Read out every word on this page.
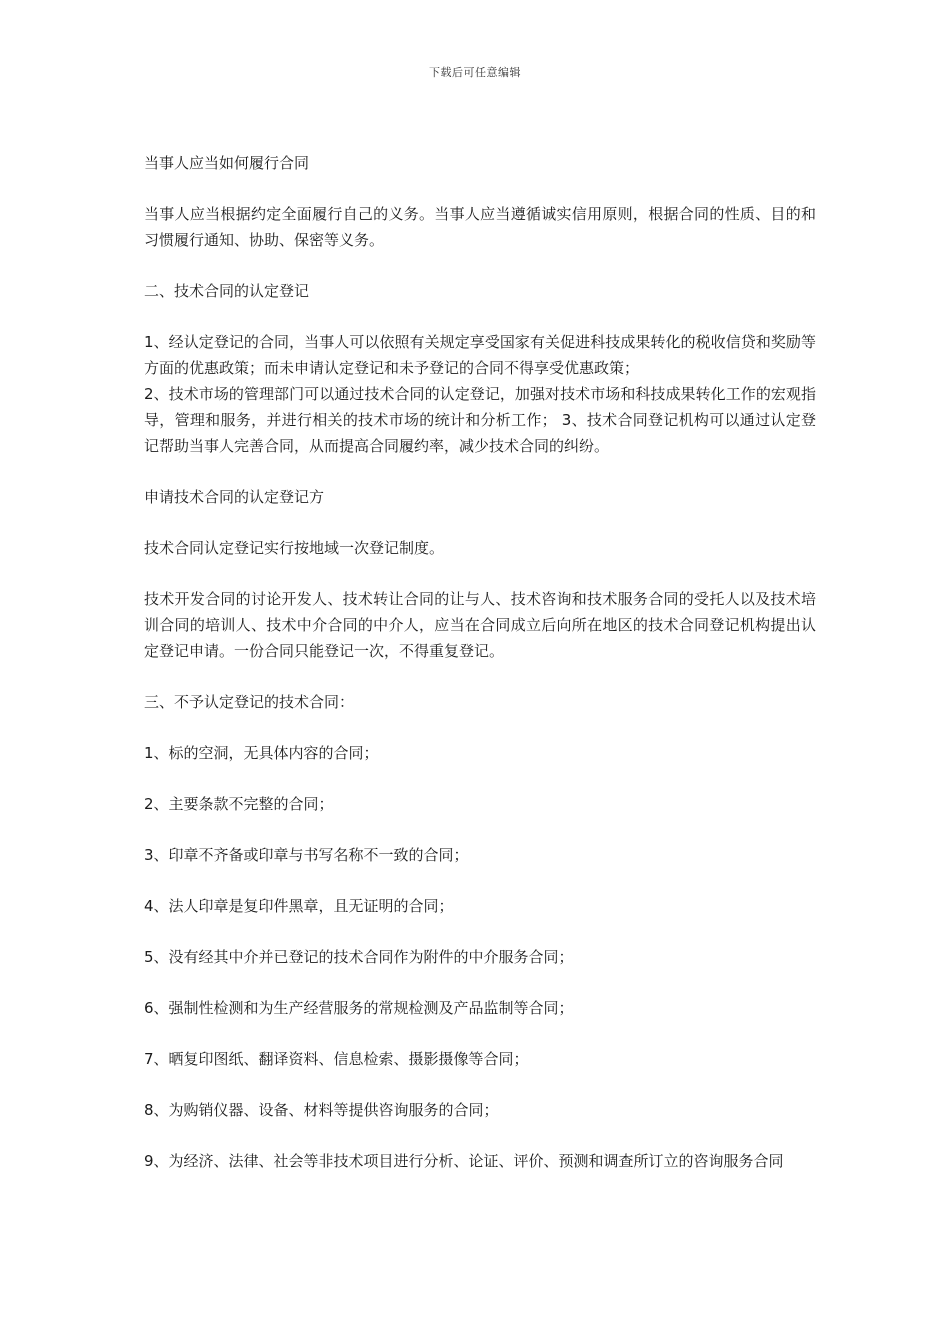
下载后可任意编辑

当事人应当如何履行合同

当事人应当根据约定全面履行自己的义务。当事人应当遵循诚实信用原则，根据合同的性质、目的和习惯履行通知、协助、保密等义务。

二、技术合同的认定登记

1、经认定登记的合同，当事人可以依照有关规定享受国家有关促进科技成果转化的税收信贷和奖励等方面的优惠政策；而未申请认定登记和未予登记的合同不得享受优惠政策；

2、技术市场的管理部门可以通过技术合同的认定登记，加强对技术市场和科技成果转化工作的宏观指导，管理和服务，并进行相关的技术市场的统计和分析工作； 3、技术合同登记机构可以通过认定登记帮助当事人完善合同，从而提高合同履约率，减少技术合同的纠纷。

申请技术合同的认定登记方

技术合同认定登记实行按地域一次登记制度。

技术开发合同的讨论开发人、技术转让合同的让与人、技术咨询和技术服务合同的受托人以及技术培训合同的培训人、技术中介合同的中介人，应当在合同成立后向所在地区的技术合同登记机构提出认定登记申请。一份合同只能登记一次，不得重复登记。

三、不予认定登记的技术合同：

1、标的空洞，无具体内容的合同；

2、主要条款不完整的合同；

3、印章不齐备或印章与书写名称不一致的合同；

4、法人印章是复印件黑章，且无证明的合同；

5、没有经其中介并已登记的技术合同作为附件的中介服务合同；

6、强制性检测和为生产经营服务的常规检测及产品监制等合同；

7、晒复印图纸、翻译资料、信息检索、摄影摄像等合同；

8、为购销仪器、设备、材料等提供咨询服务的合同；

9、为经济、法律、社会等非技术项目进行分析、论证、评价、预测和调查所订立的咨询服务合同
